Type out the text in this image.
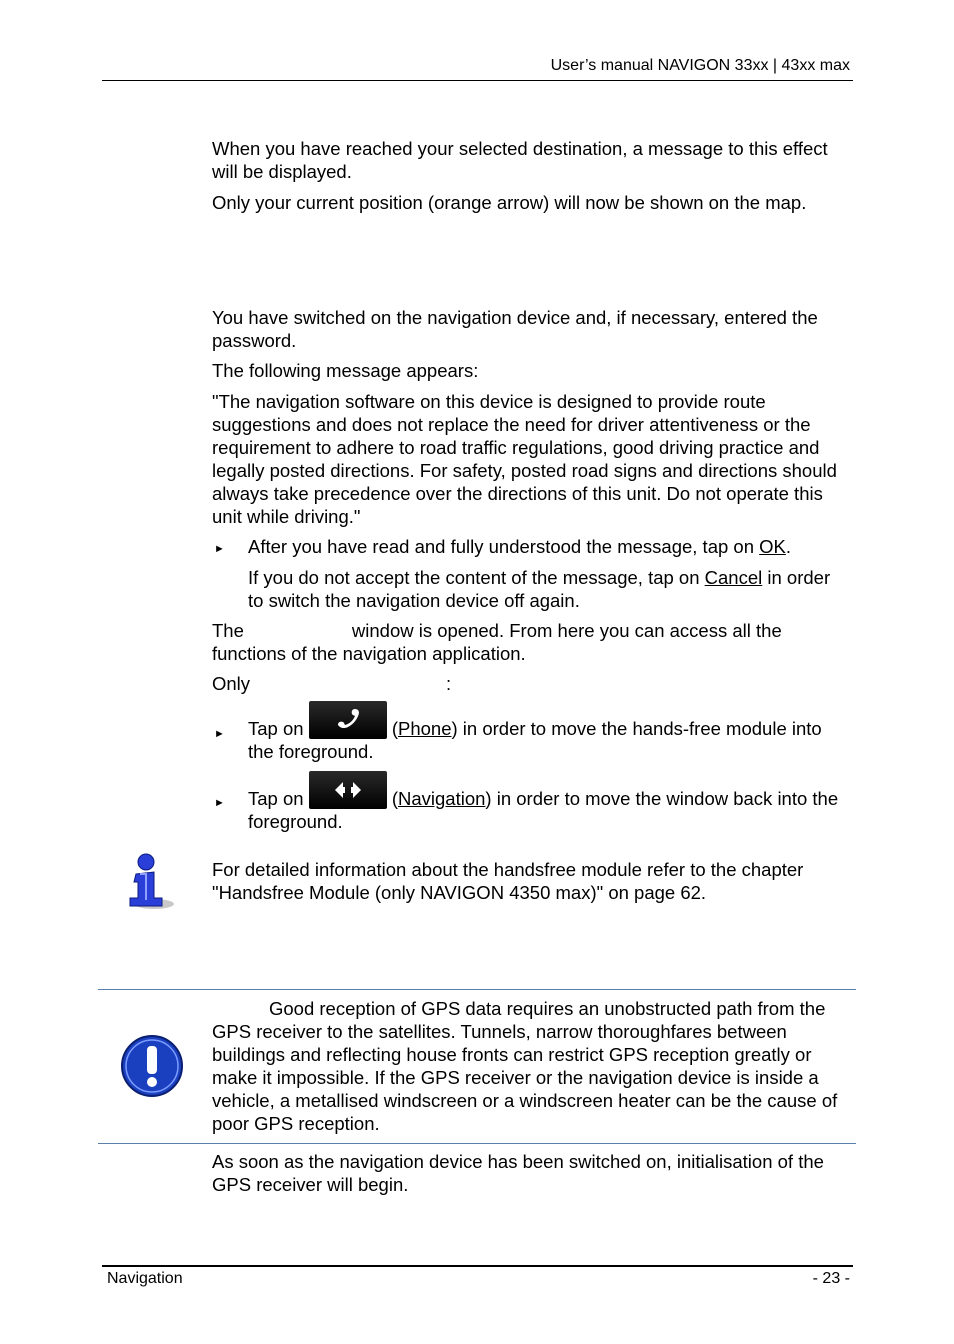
User’s manual NAVIGON 33xx | 43xx max

When you have reached your selected destination, a message to this effect will be displayed.

Only your current position (orange arrow) will now be shown on the map.

You have switched on the navigation device and, if necessary, entered the password.

The following message appears:

"The navigation software on this device is designed to provide route suggestions and does not replace the need for driver attentiveness or the requirement to adhere to road traffic regulations, good driving practice and legally posted directions. For safety, posted road signs and directions should always take precedence over the directions of this unit. Do not operate this unit while driving."

► After you have read and fully understood the message, tap on OK.

If you do not accept the content of the message, tap on Cancel in order to switch the navigation device off again.

The	window is opened. From here you can access all the functions of the navigation application.
Only	:
► Tap on	(Phone) in order to move the hands-free module into the foreground.
► Tap on	(Navigation) in order to move the window back into the foreground.

For detailed information about the handsfree module refer to the chapter "Handsfree Module (only NAVIGON 4350 max)" on page 62.

Good reception of GPS data requires an unobstructed path from the GPS receiver to the satellites. Tunnels, narrow thoroughfares between buildings and reflecting house fronts can restrict GPS reception greatly or make it impossible. If the GPS receiver or the navigation device is inside a vehicle, a metallised windscreen or a windscreen heater can be the cause of poor GPS reception.

As soon as the navigation device has been switched on, initialisation of the GPS receiver will begin.

Navigation	- 23 -
